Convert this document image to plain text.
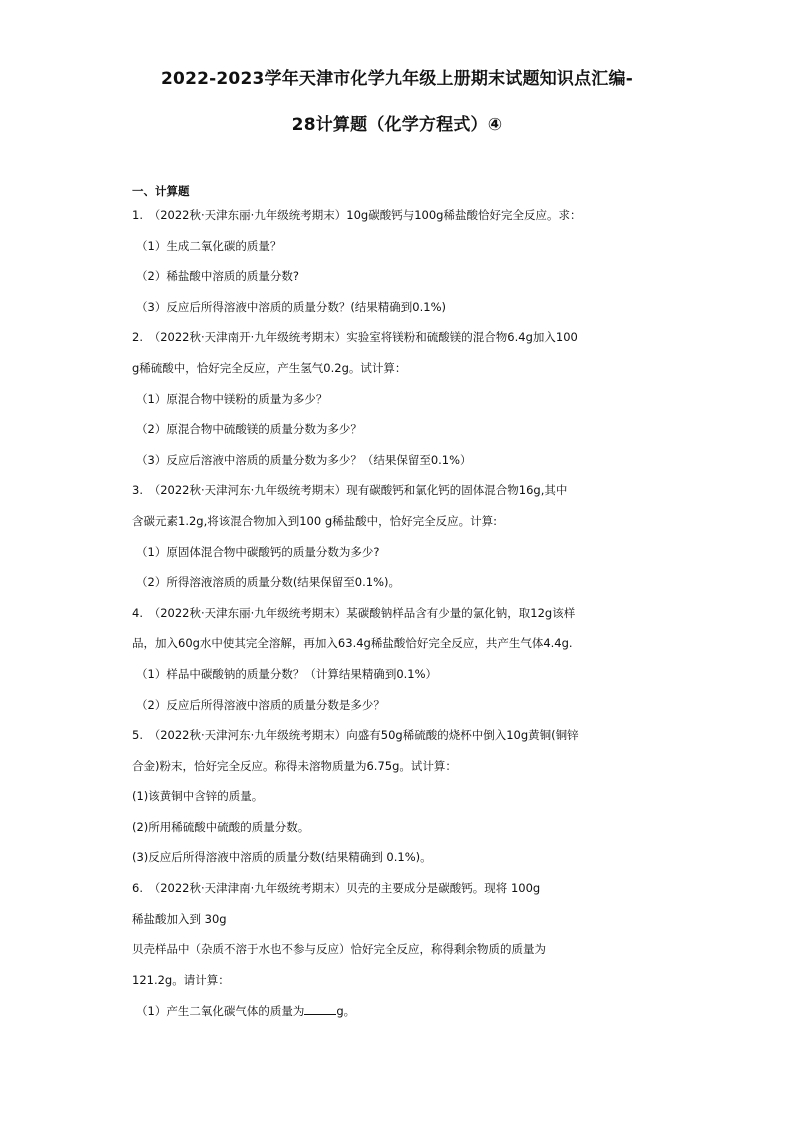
2022-2023学年天津市化学九年级上册期末试题知识点汇编-
28计算题（化学方程式）④
一、计算题
1.　（2022秋·天津东丽·九年级统考期末）10g碳酸钙与100g稀盐酸恰好完全反应。求：
（1）生成二氧化碳的质量？
（2）稀盐酸中溶质的质量分数?
（3）反应后所得溶液中溶质的质量分数？(结果精确到0.1%)
2.　（2022秋·天津南开·九年级统考期末）实验室将镁粉和硫酸镁的混合物6.4g加入100
g稀硫酸中，恰好完全反应，产生氢气0.2g。试计算：
（1）原混合物中镁粉的质量为多少？
（2）原混合物中硫酸镁的质量分数为多少？
（3）反应后溶液中溶质的质量分数为多少？（结果保留至0.1%）
3.　（2022秋·天津河东·九年级统考期末）现有碳酸钙和氯化钙的固体混合物16g,其中
含碳元素1.2g,将该混合物加入到100 g稀盐酸中，恰好完全反应。计算:
（1）原固体混合物中碳酸钙的质量分数为多少?
（2）所得溶液溶质的质量分数(结果保留至0.1%)。
4.　（2022秋·天津东丽·九年级统考期末）某碳酸钠样品含有少量的氯化钠，取12g该样
品，加入60g水中使其完全溶解，再加入63.4g稀盐酸恰好完全反应，共产生气体4.4g.
（1）样品中碳酸钠的质量分数？（计算结果精确到0.1%）
（2）反应后所得溶液中溶质的质量分数是多少？
5.　（2022秋·天津河东·九年级统考期末）向盛有50g稀硫酸的烧杯中倒入10g黄铜(铜锌
合金)粉末，恰好完全反应。称得未溶物质量为6.75g。试计算：
(1)该黄铜中含锌的质量。
(2)所用稀硫酸中硫酸的质量分数。
(3)反应后所得溶液中溶质的质量分数(结果精确到 0.1%)。
6.　（2022秋·天津津南·九年级统考期末）贝壳的主要成分是碳酸钙。现将 100g
稀盐酸加入到 30g
贝壳样品中（杂质不溶于水也不参与反应）恰好完全反应，称得剩余物质的质量为
121.2g。请计算：
（1）产生二氧化碳气体的质量为	g。
